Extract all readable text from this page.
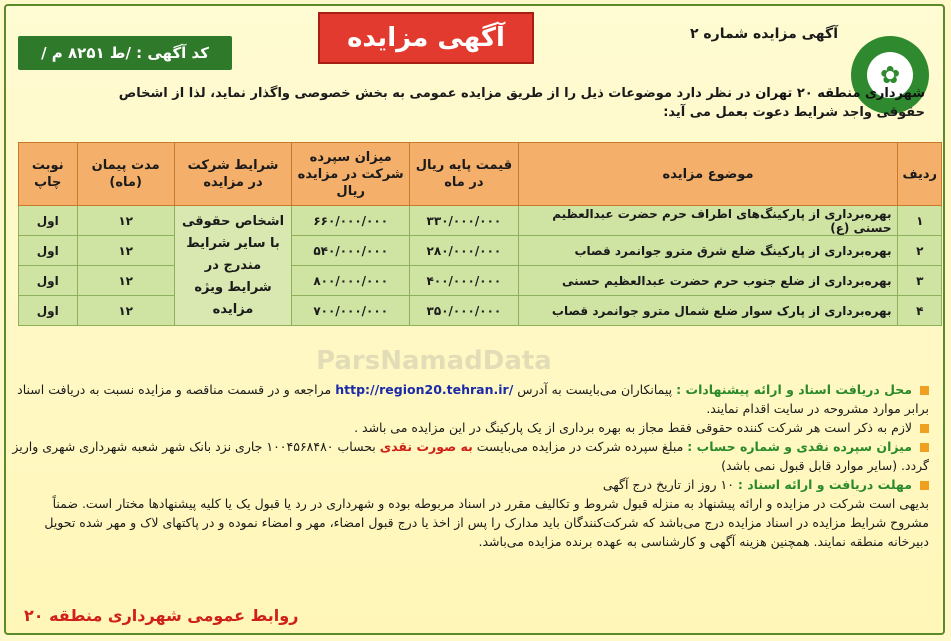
✿
آگهی مزایده شماره ۲
آگهی مزایده
کد آگهی : /ط ۸۲۵۱ م /
شهرداری منطقه ۲۰ تهران در نظر دارد موضوعات ذیل را از طریق مزایده عمومی به بخش خصوصی واگذار نماید، لذا از اشخاص حقوقی واجد شرایط دعوت بعمل می آید:
ردیف	موضوع مزایده	قیمت پایه ریال در ماه	میزان سپرده شرکت در مزایده ریال	شرایط شرکت در مزایده	مدت پیمان (ماه)	نوبت چاپ
۱	بهره‌برداری از پارکینگ‌های اطراف حرم حضرت عبدالعظیم حسنی (ع)	۳۳۰/۰۰۰/۰۰۰	۶۶۰/۰۰۰/۰۰۰	اشخاص حقوقی با سایر شرایط مندرج در شرایط ویژه مزایده	۱۲	اول
۲	بهره‌برداری از پارکینگ ضلع شرق مترو جوانمرد قصاب	۲۸۰/۰۰۰/۰۰۰	۵۴۰/۰۰۰/۰۰۰		۱۲	اول
۳	بهره‌برداری از ضلع جنوب حرم حضرت عبدالعظیم حسنی	۴۰۰/۰۰۰/۰۰۰	۸۰۰/۰۰۰/۰۰۰		۱۲	اول
۴	بهره‌برداری از پارک سوار ضلع شمال مترو جوانمرد قصاب	۳۵۰/۰۰۰/۰۰۰	۷۰۰/۰۰۰/۰۰۰		۱۲	اول
ParsNamadData

محل دریافت اسناد و ارائه پیشنهادات : پیمانکاران می‌بایست به آدرس http://region20.tehran.ir/ مراجعه و در قسمت مناقصه و مزایده نسبت به دریافت اسناد برابر موارد مشروحه در سایت اقدام نمایند.

لازم به ذکر است هر شرکت کننده حقوقی فقط مجاز به بهره برداری از یک پارکینگ در این مزایده می باشد .

میزان سپرده نقدی و شماره حساب : مبلغ سپرده شرکت در مزایده می‌بایست به صورت نقدی بحساب ۱۰۰۴۵۶۸۴۸۰ جاری نزد بانک شهر شعبه شهرداری شهری واریز گردد. (سایر موارد قابل قبول نمی باشد)

مهلت دریافت و ارائه اسناد : ۱۰ روز از تاریخ درج آگهی

بدیهی است شرکت در مزایده و ارائه پیشنهاد به منزله قبول شروط و تکالیف مقرر در اسناد مربوطه بوده و شهرداری در رد یا قبول یک یا کلیه پیشنهادها مختار است. ضمناً مشروح شرایط مزایده در اسناد مزایده درج می‌باشد که شرکت‌کنندگان باید مدارک را پس از اخذ یا درج قبول امضاء، مهر و امضاء نموده و در پاکتهای لاک و مهر شده تحویل دبیرخانه منطقه نمایند. همچنین هزینه آگهی و کارشناسی به عهده برنده مزایده می‌باشد.

روابط عمومی شهرداری منطقه ۲۰
